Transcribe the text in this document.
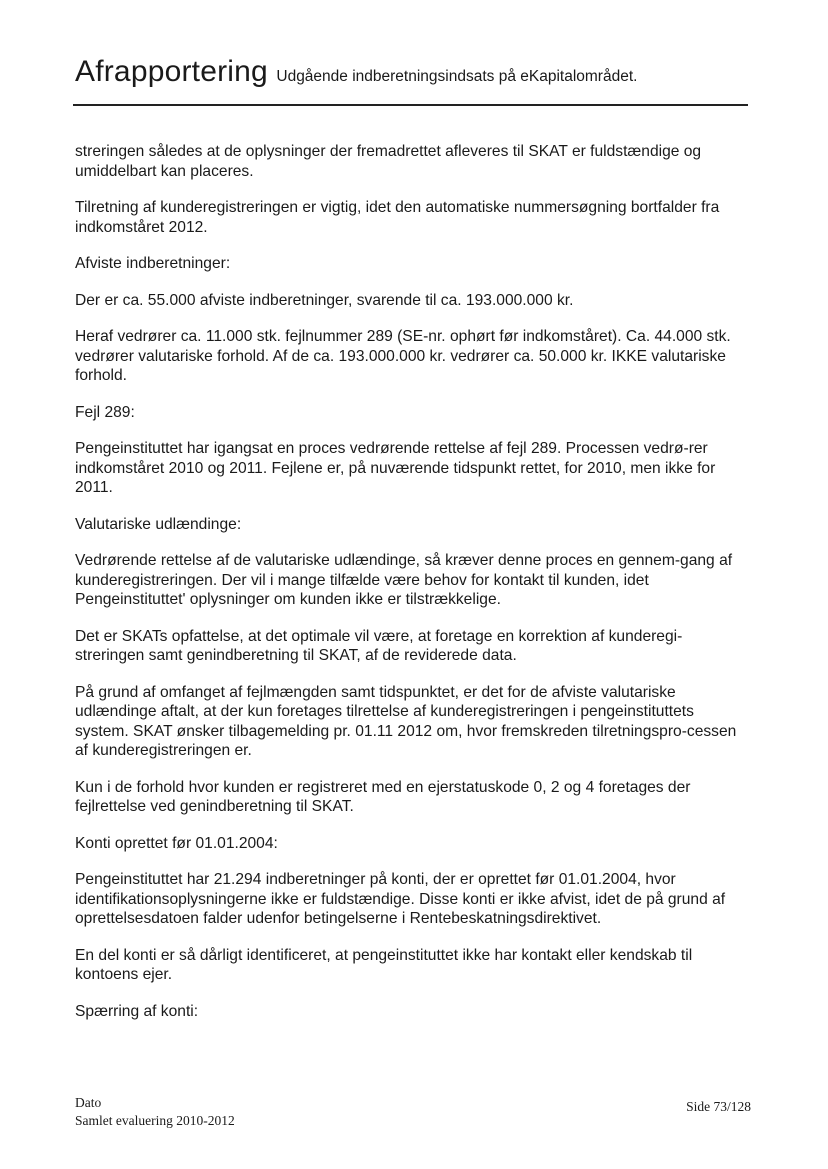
Afrapportering Udgående indberetningsindsats på eKapitalområdet.

streringen således at de oplysninger der fremadrettet afleveres til SKAT er fuldstændige og umiddelbart kan placeres.

Tilretning af kunderegistreringen er vigtig, idet den automatiske nummersøgning bortfalder fra indkomståret 2012.

Afviste indberetninger:

Der er ca. 55.000 afviste indberetninger, svarende til ca. 193.000.000 kr.

Heraf vedrører ca. 11.000 stk. fejlnummer 289 (SE-nr. ophørt før indkomståret). Ca. 44.000 stk. vedrører valutariske forhold. Af de ca. 193.000.000 kr. vedrører ca. 50.000 kr. IKKE valutariske forhold.

Fejl 289:

Pengeinstituttet har igangsat en proces vedrørende rettelse af fejl 289. Processen vedrø-rer indkomståret 2010 og 2011. Fejlene er, på nuværende tidspunkt rettet, for 2010, men ikke for 2011.

Valutariske udlændinge:

Vedrørende rettelse af de valutariske udlændinge, så kræver denne proces en gennem-gang af kunderegistreringen. Der vil i mange tilfælde være behov for kontakt til kunden, idet Pengeinstituttet' oplysninger om kunden ikke er tilstrækkelige.

Det er SKATs opfattelse, at det optimale vil være, at foretage en korrektion af kunderegi-streringen samt genindberetning til SKAT, af de reviderede data.

På grund af omfanget af fejlmængden samt tidspunktet, er det for de afviste valutariske udlændinge aftalt, at der kun foretages tilrettelse af kunderegistreringen i pengeinstituttets system. SKAT ønsker tilbagemelding pr. 01.11 2012 om, hvor fremskreden tilretningspro-cessen af kunderegistreringen er.

Kun i de forhold hvor kunden er registreret med en ejerstatuskode 0, 2 og 4 foretages der fejlrettelse ved genindberetning til SKAT.

Konti oprettet før 01.01.2004:

Pengeinstituttet har 21.294 indberetninger på konti, der er oprettet før 01.01.2004, hvor identifikationsoplysningerne ikke er fuldstændige. Disse konti er ikke afvist, idet de på grund af oprettelsesdatoen falder udenfor betingelserne i Rentebeskatningsdirektivet.

En del konti er så dårligt identificeret, at pengeinstituttet ikke har kontakt eller kendskab til kontoens ejer.

Spærring af konti:

Dato
Samlet evaluering 2010-2012
Side 73/128
